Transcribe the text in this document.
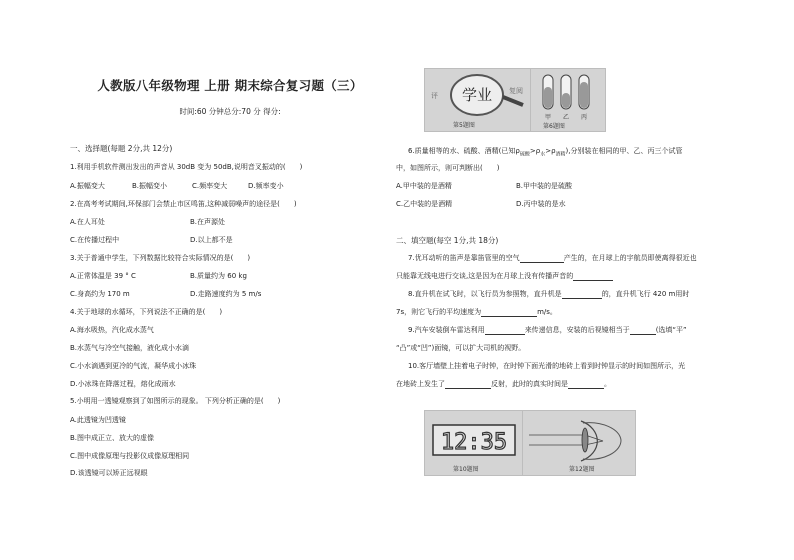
人教版八年级物理 上册 期末综合复习题（三）
时间:60 分钟总分:70 分 得分:
一、选择题(每题 2分,共 12分)
1.利用手机软件测出发出的声音从 30dB 变为 50dB,说明音叉振动的(　　)
A.振幅变大	B.振幅变小	C.频率变大	D.频率变小
2.在高考考试期间,环保部门会禁止市区鸣笛,这种减弱噪声的途径是(　　)
A.在人耳处	B.在声源处
C.在传播过程中	D.以上都不是
3.关于普通中学生，下列数据比较符合实际情况的是(　　)
A.正常体温是 39 ° C	B.质量约为 60 kg
C.身高约为 170 m	D.走路速度约为 5 m/s
4.关于地球的水循环，下列说法不正确的是(　　)
A.海水吸热，汽化成水蒸气
B.水蒸气与冷空气接触，液化成小水滴
C.小水滴遇到更冷的气流，凝华成小冰珠
D.小冰珠在降落过程，熔化成雨水
5.小明用一透镜观察到了如图所示的现象。 下列分析正确的是(　　)
A.此透镜为凹透镜
B.图中成正立、放大的虚像
C.图中成像原理与投影仪成像原理相同
D.该透镜可以矫正远视眼
评 学业 复阅
第5题图
甲 乙 丙
第6题图
6.质量相等的水、硫酸、酒精(已知$\rho_{硫酸}>\rho_水>\rho_{酒精}$),分别装在相同的甲、乙、丙三个试管
中，如图所示，则可判断出(　　)
A.甲中装的是酒精	B.甲中装的是硫酸
C.乙中装的是酒精	D.丙中装的是水
二、填空题(每空 1分,共 18分)
7.优耳动听的笛声是靠笛管里的空气	产生的，在月球上的宇航员即使离得很近也
只能靠无线电进行交谈,这是因为在月球上没有传播声音的
8.直升机在试飞时，以飞行员为参照物，直升机是	的，直升机飞行 420 m用时
7s，则它飞行的平均速度为	m/s。
9.汽车安装倒车雷达利用	来传递信息，安装的后视镜相当于	(选填“平”
“凸”或“凹”)面镜，可以扩大司机的视野。
10.客厅墙壁上挂着电子时钟，在时钟下面光滑的地砖上看到时钟显示的时间如图所示，光
在地砖上发生了	反射，此时的真实时间是	。
12:35
第10题图	第12题图
